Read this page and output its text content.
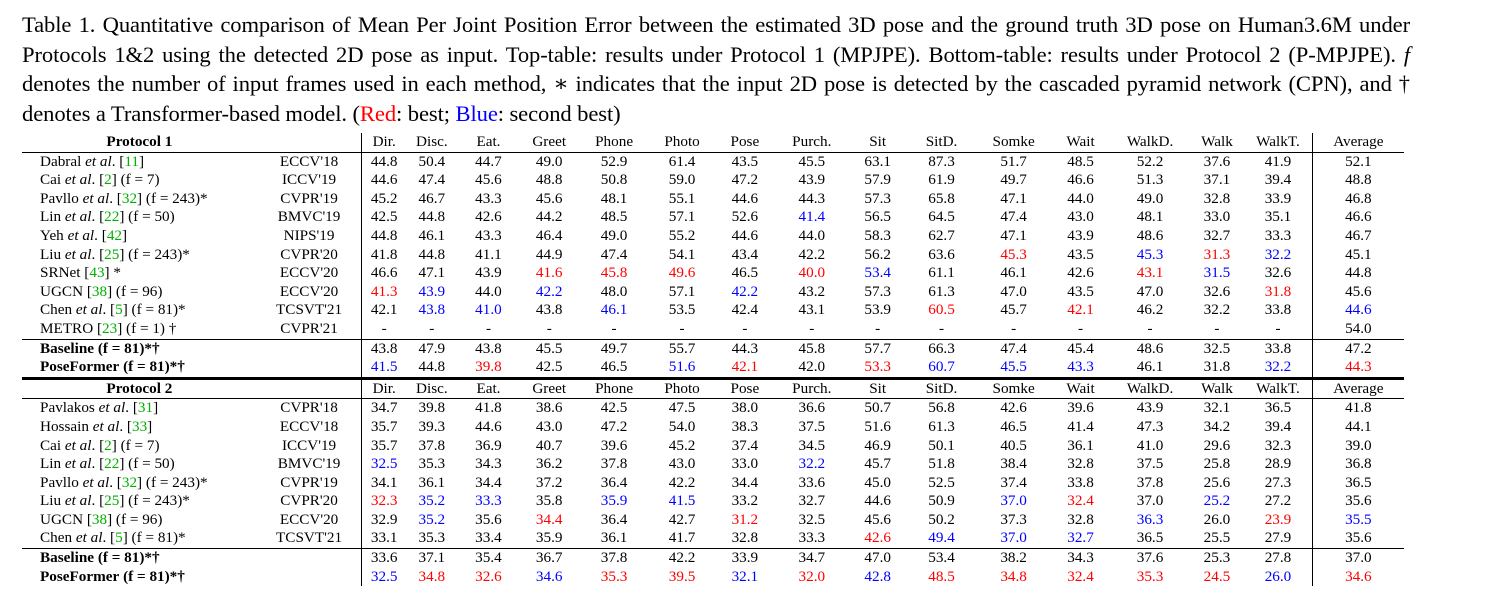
Table 1. Quantitative comparison of Mean Per Joint Position Error between the estimated 3D pose and the ground truth 3D pose on Human3.6M under Protocols 1&2 using the detected 2D pose as input. Top-table: results under Protocol 1 (MPJPE). Bottom-table: results under Protocol 2 (P-MPJPE). f denotes the number of input frames used in each method, ∗ indicates that the input 2D pose is detected by the cascaded pyramid network (CPN), and † denotes a Transformer-based model. (Red: best; Blue: second best)
Protocol 1		Dir.	Disc.	Eat.	Greet	Phone	Photo	Pose	Purch.	Sit	SitD.	Somke	Wait	WalkD.	Walk	WalkT.	Average
Dabral et al. [11]	ECCV'18	44.8	50.4	44.7	49.0	52.9	61.4	43.5	45.5	63.1	87.3	51.7	48.5	52.2	37.6	41.9	52.1
Cai et al. [2] (f = 7)	ICCV'19	44.6	47.4	45.6	48.8	50.8	59.0	47.2	43.9	57.9	61.9	49.7	46.6	51.3	37.1	39.4	48.8
Pavllo et al. [32] (f = 243)*	CVPR'19	45.2	46.7	43.3	45.6	48.1	55.1	44.6	44.3	57.3	65.8	47.1	44.0	49.0	32.8	33.9	46.8
Lin et al. [22] (f = 50)	BMVC'19	42.5	44.8	42.6	44.2	48.5	57.1	52.6	41.4	56.5	64.5	47.4	43.0	48.1	33.0	35.1	46.6
Yeh et al. [42]	NIPS'19	44.8	46.1	43.3	46.4	49.0	55.2	44.6	44.0	58.3	62.7	47.1	43.9	48.6	32.7	33.3	46.7
Liu et al. [25] (f = 243)*	CVPR'20	41.8	44.8	41.1	44.9	47.4	54.1	43.4	42.2	56.2	63.6	45.3	43.5	45.3	31.3	32.2	45.1
SRNet [43] *	ECCV'20	46.6	47.1	43.9	41.6	45.8	49.6	46.5	40.0	53.4	61.1	46.1	42.6	43.1	31.5	32.6	44.8
UGCN [38] (f = 96)	ECCV'20	41.3	43.9	44.0	42.2	48.0	57.1	42.2	43.2	57.3	61.3	47.0	43.5	47.0	32.6	31.8	45.6
Chen et al. [5] (f = 81)*	TCSVT'21	42.1	43.8	41.0	43.8	46.1	53.5	42.4	43.1	53.9	60.5	45.7	42.1	46.2	32.2	33.8	44.6
METRO [23] (f = 1) †	CVPR'21	-	-	-	-	-	-	-	-	-	-	-	-	-	-	-	54.0
Baseline (f = 81)*†		43.8	47.9	43.8	45.5	49.7	55.7	44.3	45.8	57.7	66.3	47.4	45.4	48.6	32.5	33.8	47.2
PoseFormer (f = 81)*†		41.5	44.8	39.8	42.5	46.5	51.6	42.1	42.0	53.3	60.7	45.5	43.3	46.1	31.8	32.2	44.3
Protocol 2		Dir.	Disc.	Eat.	Greet	Phone	Photo	Pose	Purch.	Sit	SitD.	Somke	Wait	WalkD.	Walk	WalkT.	Average
Pavlakos et al. [31]	CVPR'18	34.7	39.8	41.8	38.6	42.5	47.5	38.0	36.6	50.7	56.8	42.6	39.6	43.9	32.1	36.5	41.8
Hossain et al. [33]	ECCV'18	35.7	39.3	44.6	43.0	47.2	54.0	38.3	37.5	51.6	61.3	46.5	41.4	47.3	34.2	39.4	44.1
Cai et al. [2] (f = 7)	ICCV'19	35.7	37.8	36.9	40.7	39.6	45.2	37.4	34.5	46.9	50.1	40.5	36.1	41.0	29.6	32.3	39.0
Lin et al. [22] (f = 50)	BMVC'19	32.5	35.3	34.3	36.2	37.8	43.0	33.0	32.2	45.7	51.8	38.4	32.8	37.5	25.8	28.9	36.8
Pavllo et al. [32] (f = 243)*	CVPR'19	34.1	36.1	34.4	37.2	36.4	42.2	34.4	33.6	45.0	52.5	37.4	33.8	37.8	25.6	27.3	36.5
Liu et al. [25] (f = 243)*	CVPR'20	32.3	35.2	33.3	35.8	35.9	41.5	33.2	32.7	44.6	50.9	37.0	32.4	37.0	25.2	27.2	35.6
UGCN [38] (f = 96)	ECCV'20	32.9	35.2	35.6	34.4	36.4	42.7	31.2	32.5	45.6	50.2	37.3	32.8	36.3	26.0	23.9	35.5
Chen et al. [5] (f = 81)*	TCSVT'21	33.1	35.3	33.4	35.9	36.1	41.7	32.8	33.3	42.6	49.4	37.0	32.7	36.5	25.5	27.9	35.6
Baseline (f = 81)*†		33.6	37.1	35.4	36.7	37.8	42.2	33.9	34.7	47.0	53.4	38.2	34.3	37.6	25.3	27.8	37.0
PoseFormer (f = 81)*†		32.5	34.8	32.6	34.6	35.3	39.5	32.1	32.0	42.8	48.5	34.8	32.4	35.3	24.5	26.0	34.6
